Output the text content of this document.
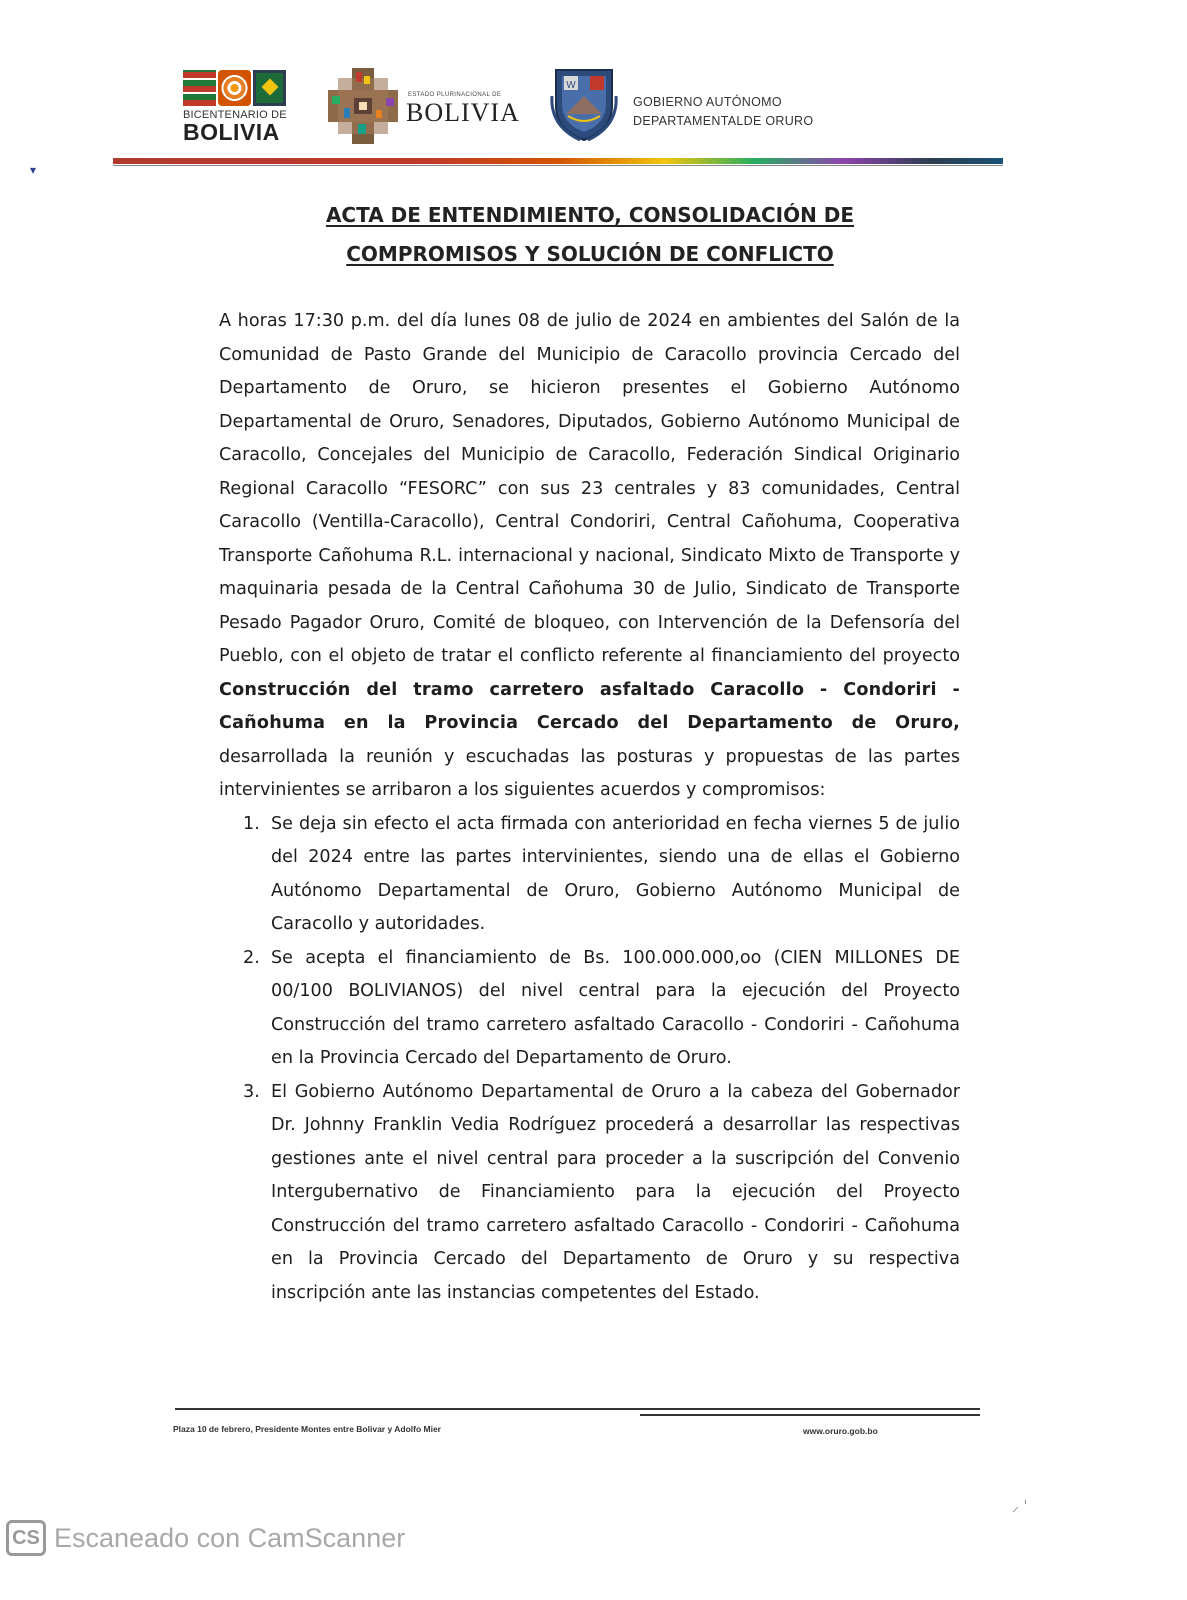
BICENTENARIO DE
BOLIVIA
ESTADO PLURINACIONAL DE
BOLIVIA
W
GOBIERNO AUTÓNOMO
DEPARTAMENTALDE ORURO
▾
ACTA DE ENTENDIMIENTO, CONSOLIDACIÓN DE
COMPROMISOS Y SOLUCIÓN DE CONFLICTO

A horas 17:30 p.m. del día lunes 08 de julio de 2024 en ambientes del Salón de la Comunidad de Pasto Grande del Municipio de Caracollo provincia Cercado del Departamento de Oruro, se hicieron presentes el Gobierno Autónomo Departamental de Oruro, Senadores, Diputados, Gobierno Autónomo Municipal de Caracollo, Concejales del Municipio de Caracollo, Federación Sindical Originario Regional Caracollo “FESORC” con sus 23 centrales y 83 comunidades, Central Caracollo (Ventilla-Caracollo), Central Condoriri, Central Cañohuma, Cooperativa Transporte Cañohuma R.L. internacional y nacional, Sindicato Mixto de Transporte y maquinaria pesada de la Central Cañohuma 30 de Julio, Sindicato de Transporte Pesado Pagador Oruro, Comité de bloqueo, con Intervención de la Defensoría del Pueblo, con el objeto de tratar el conflicto referente al financiamiento del proyecto Construcción del tramo carretero asfaltado Caracollo - Condoriri - Cañohuma en la Provincia Cercado del Departamento de Oruro, desarrollada la reunión y escuchadas las posturas y propuestas de las partes intervinientes se arribaron a los siguientes acuerdos y compromisos:

1. Se deja sin efecto el acta firmada con anterioridad en fecha viernes 5 de julio del 2024 entre las partes intervinientes, siendo una de ellas el Gobierno Autónomo Departamental de Oruro, Gobierno Autónomo Municipal de Caracollo y autoridades.
2. Se acepta el financiamiento de Bs. 100.000.000,oo (CIEN MILLONES DE 00/100 BOLIVIANOS) del nivel central para la ejecución del Proyecto Construcción del tramo carretero asfaltado Caracollo - Condoriri - Cañohuma en la Provincia Cercado del Departamento de Oruro.
3. El Gobierno Autónomo Departamental de Oruro a la cabeza del Gobernador Dr. Johnny Franklin Vedia Rodríguez procederá a desarrollar las respectivas gestiones ante el nivel central para proceder a la suscripción del Convenio Intergubernativo de Financiamiento para la ejecución del Proyecto Construcción del tramo carretero asfaltado Caracollo - Condoriri - Cañohuma en la Provincia Cercado del Departamento de Oruro y su respectiva inscripción ante las instancias competentes del Estado.
Plaza 10 de febrero, Presidente Montes entre Bolivar y Adolfo Mier	www.oruro.gob.bo
⸝ ˈ
CS Escaneado con CamScanner
